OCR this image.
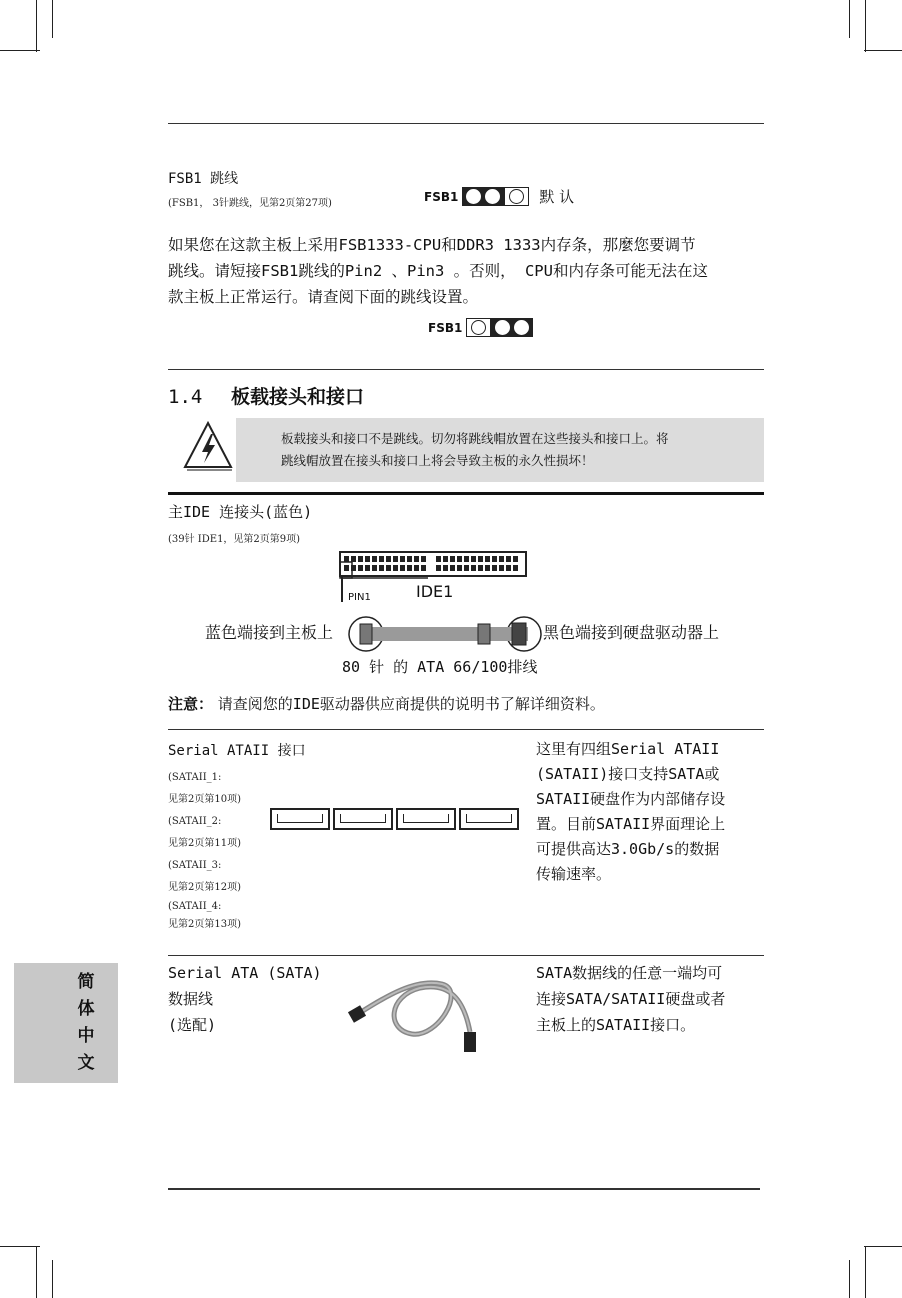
FSB1 跳线
(FSB1， 3针跳线，见第2页第27项)	FSB1	默 认
如果您在这款主板上采用FSB1333-CPU和DDR3 1333内存条，那麼您要调节
跳线。请短接FSB1跳线的Pin2 、Pin3 。否则， CPU和内存条可能无法在这
款主板上正常运行。请查阅下面的跳线设置。
FSB1
1.4 板载接头和接口
板载接头和接口不是跳线。切勿将跳线帽放置在这些接头和接口上。将
跳线帽放置在接头和接口上将会导致主板的永久性损坏！
主IDE 连接头(蓝色)
(39针 IDE1，见第2页第9项)
PIN1	IDE1
蓝色端接到主板上	黑色端接到硬盘驱动器上
80 针 的 ATA 66/100排线
注意： 请查阅您的IDE驱动器供应商提供的说明书了解详细资料。
Serial ATAII 接口
(SATAII_1:
见第2页第10项)
(SATAII_2:
见第2页第11项)
(SATAII_3:
见第2页第12项)
(SATAII_4:
见第2页第13项)
这里有四组Serial ATAII
(SATAII)接口支持SATA或
SATAII硬盘作为内部储存设
置。目前SATAII界面理论上
可提供高达3.0Gb/s的数据
传输速率。
Serial ATA (SATA)
数据线
(选配)
SATA数据线的任意一端均可
连接SATA/SATAII硬盘或者
主板上的SATAII接口。
简
体
中
文
